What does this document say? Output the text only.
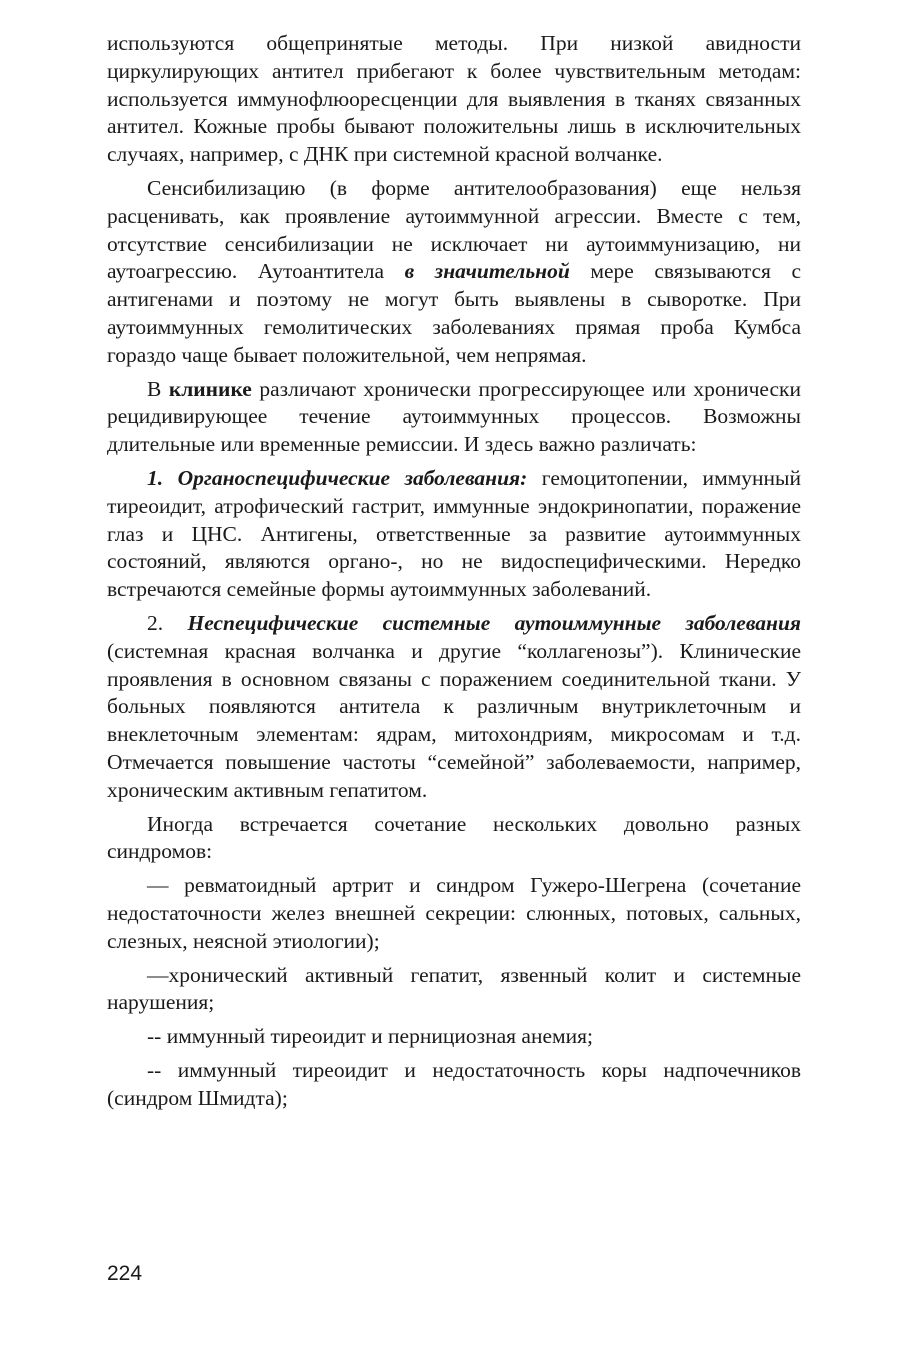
используются общепринятые методы. При низкой авидности циркулирующих антител прибегают к более чувствительным методам: используется иммунофлюоресценции для выявления в тканях связанных антител. Кожные пробы бывают положительны лишь в исключительных случаях, например, с ДНК при системной красной волчанке.

Сенсибилизацию (в форме антителообразования) еще нельзя расценивать, как проявление аутоиммунной агрессии. Вместе с тем, отсутствие сенсибилизации не исключает ни аутоиммунизацию, ни аутоагрессию. Аутоантитела в значительной мере связываются с антигенами и поэтому не могут быть выявлены в сыворотке. При аутоиммунных гемолитических заболеваниях прямая проба Кумбса гораздо чаще бывает положительной, чем непрямая.

В клинике различают хронически прогрессирующее или хронически рецидивирующее течение аутоиммунных процессов. Возможны длительные или временные ремиссии. И здесь важно различать:

1. Органоспецифические заболевания: гемоцитопении, иммунный тиреоидит, атрофический гастрит, иммунные эндокринопатии, поражение глаз и ЦНС. Антигены, ответственные за развитие аутоиммунных состояний, являются органо-, но не видоспецифическими. Нередко встречаются семейные формы аутоиммунных заболеваний.

2. Неспецифические системные аутоиммунные заболевания (системная красная волчанка и другие “коллагенозы”). Клинические проявления в основном связаны с поражением соединительной ткани. У больных появляются антитела к различным внутриклеточным и внеклеточным элементам: ядрам, митохондриям, микросомам и т.д. Отмечается повышение частоты “семейной” заболеваемости, например, хроническим активным гепатитом.

Иногда встречается сочетание нескольких довольно разных синдромов:

— ревматоидный артрит и синдром Гужеро-Шегрена (сочетание недостаточности желез внешней секреции: слюнных, потовых, сальных, слезных, неясной этиологии);

—хронический активный гепатит, язвенный колит и системные нарушения;

-- иммунный тиреоидит и пернициозная анемия;

-- иммунный тиреоидит и недостаточность коры надпочечников (синдром Шмидта);

224
